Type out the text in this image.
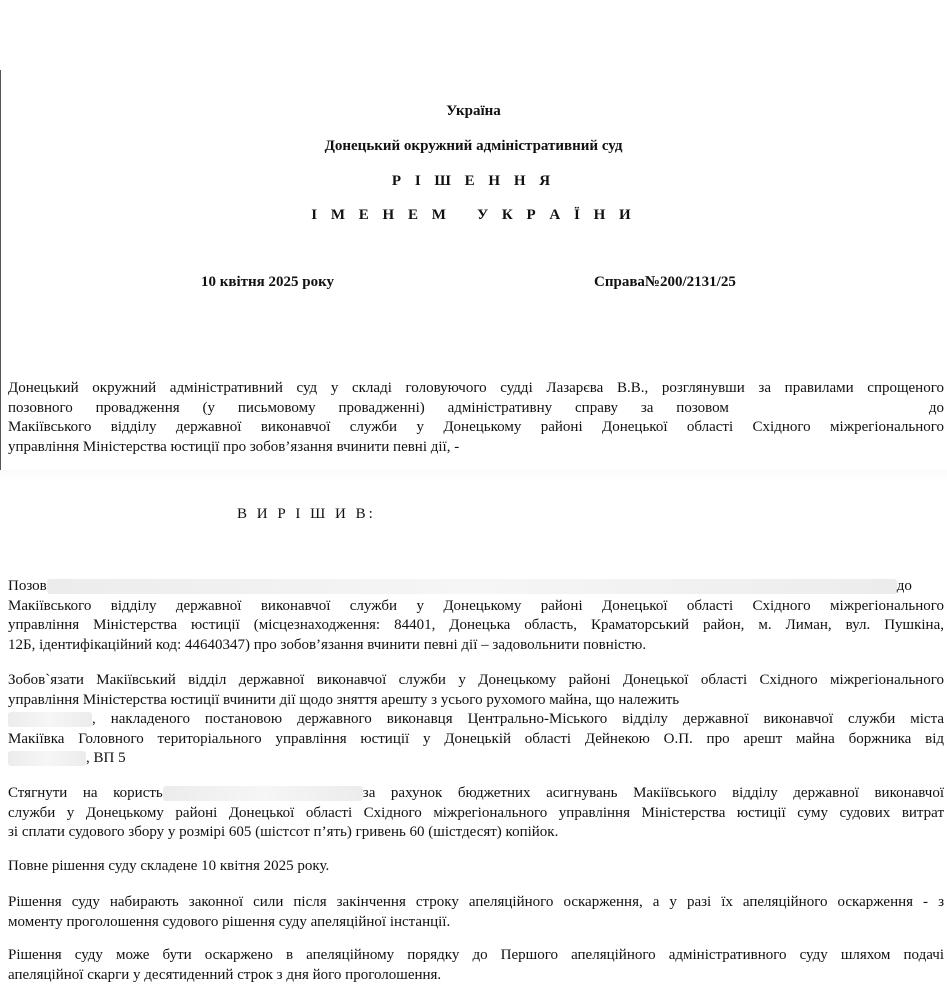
Україна
Донецький окружний адміністративний суд
Р І Ш Е Н Н Я
І М Е Н Е М   У К Р А Ї Н И
10 квітня 2025 року	Справа№200/2131/25
Донецький окружний адміністративний суд у складі головуючого судді Лазарєва В.В., розглянувши за правилами спрощеного
позовного провадження (у письмовому провадженні) адміністративну справу за позовом	до
Макіївського відділу державної виконавчої служби у Донецькому районі Донецької області Східного міжрегіонального
управління Міністерства юстиції про зобов’язання вчинити певні дії, -
В И Р І Ш И В:
Позов	до
Макіївського відділу державної виконавчої служби у Донецькому районі Донецької області Східного міжрегіонального
управління Міністерства юстиції (місцезнаходження: 84401, Донецька область, Краматорський район, м. Лиман, вул. Пушкіна,
12Б, ідентифікаційний код: 44640347) про зобов’язання вчинити певні дії – задовольнити повністю.
Зобов`язати Макіївський відділ державної виконавчої служби у Донецькому районі Донецької області Східного міжрегіонального
управління Міністерства юстиції вчинити дії щодо зняття арешту з усього рухомого майна, що належить
, накладеного постановою державного виконавця Центрально-Міського відділу державної виконавчої служби міста
Макіївка Головного територіального управління юстиції у Донецькій області Дейнекою О.П. про арешт майна боржника від
, ВП 5
Стягнути на користь	за рахунок бюджетних асигнувань Макіївського відділу державної виконавчої
служби у Донецькому районі Донецької області Східного міжрегіонального управління Міністерства юстиції суму судових витрат
зі сплати судового збору у розмірі 605 (шістсот п’ять) гривень 60 (шістдесят) копійок.
Повне рішення суду складене 10 квітня 2025 року.
Рішення суду набирають законної сили після закінчення строку апеляційного оскарження, а у разі їх апеляційного оскарження - з
моменту проголошення судового рішення суду апеляційної інстанції.
Рішення суду може бути оскаржено в апеляційному порядку до Першого апеляційного адміністративного суду шляхом подачі
апеляційної скарги у десятиденний строк з дня його проголошення.
